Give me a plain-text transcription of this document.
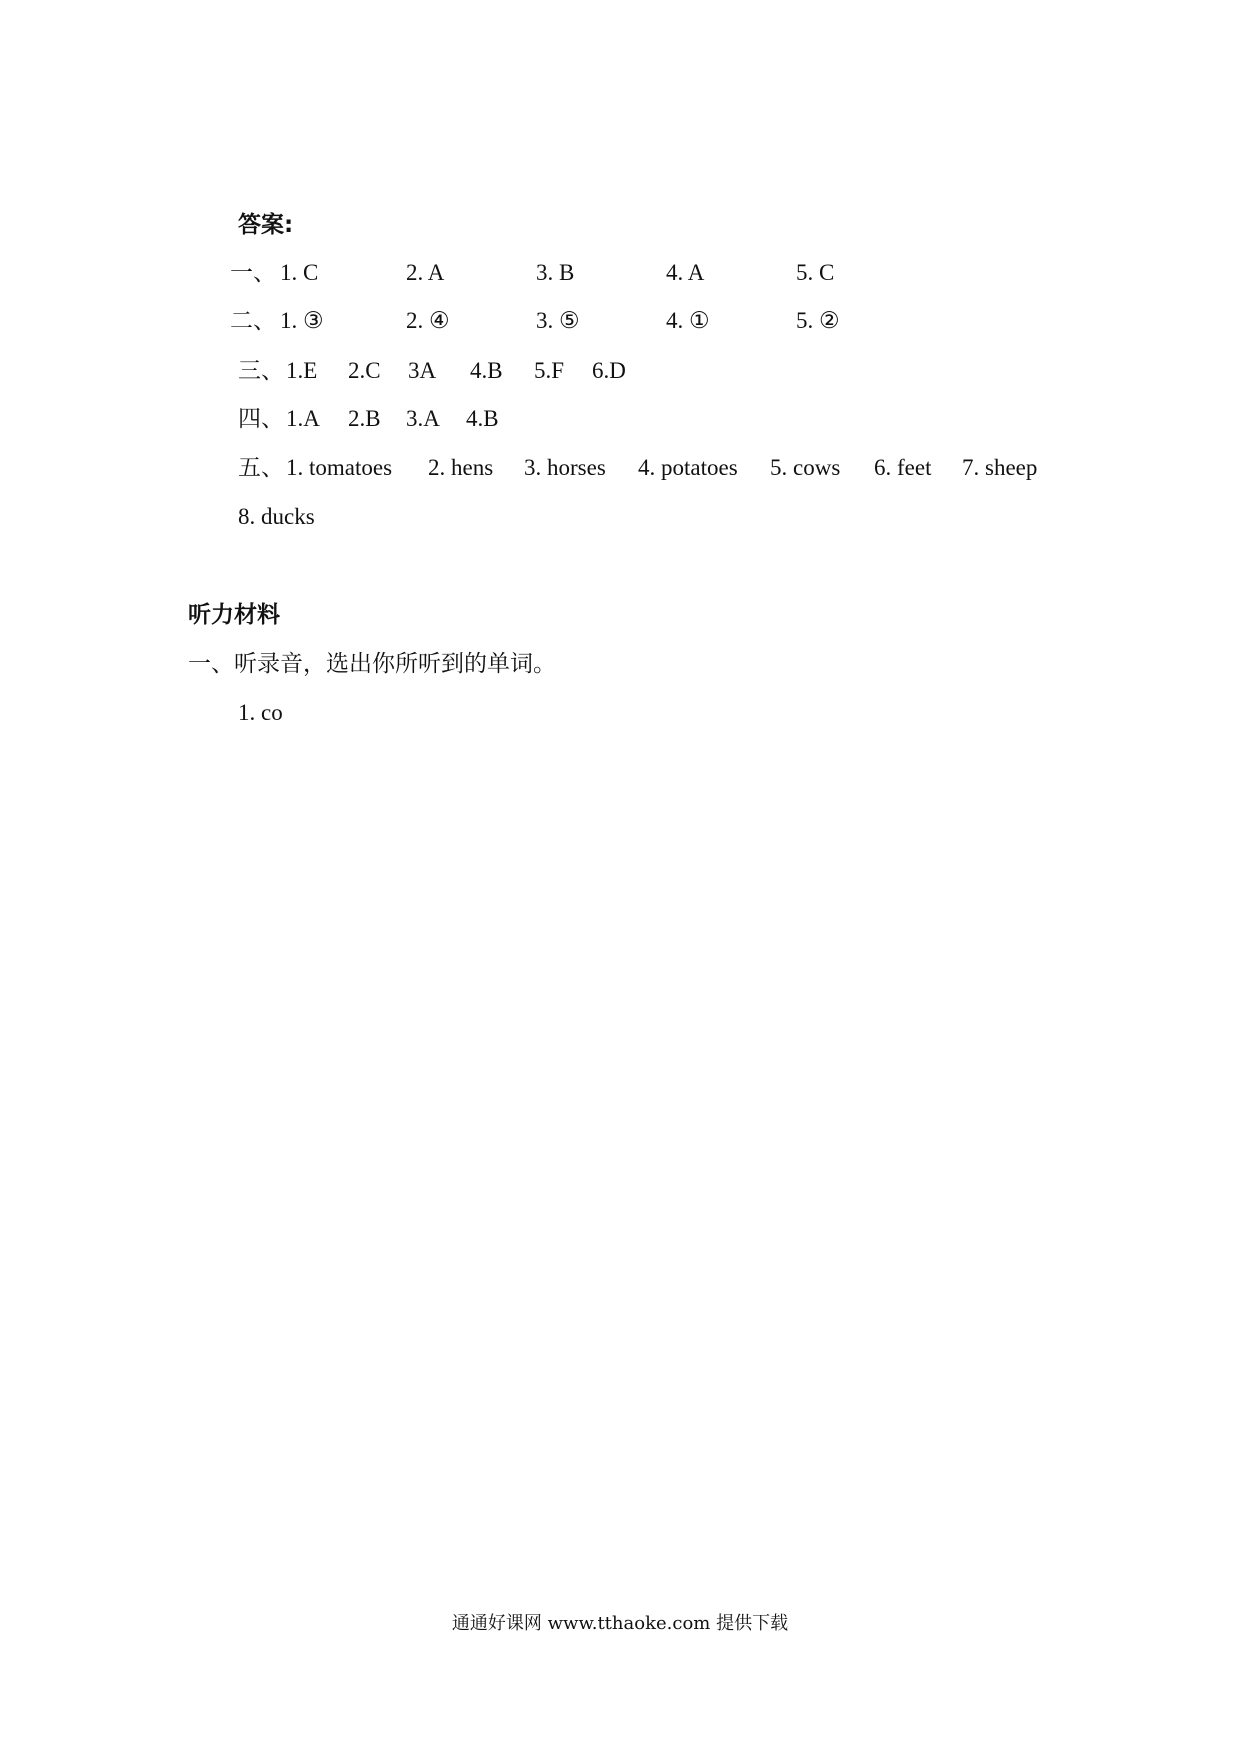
答案:
一、 1. C	2. A	3. B	4. A	5. C
二、 1. ③	2. ④	3. ⑤	4. ①	5. ②
三、 1.E 2.C 3A 4.B 5.F 6.D
四、 1.A 2.B 3.A 4.B
五、 1. tomatoes 2. hens 3. horses 4. potatoes 5. cows 6. feet 7. sheep
8. ducks
听力材料
一、听录音，选出你所听到的单词。
1. co
通通好课网 www.tthaoke.com 提供下载
